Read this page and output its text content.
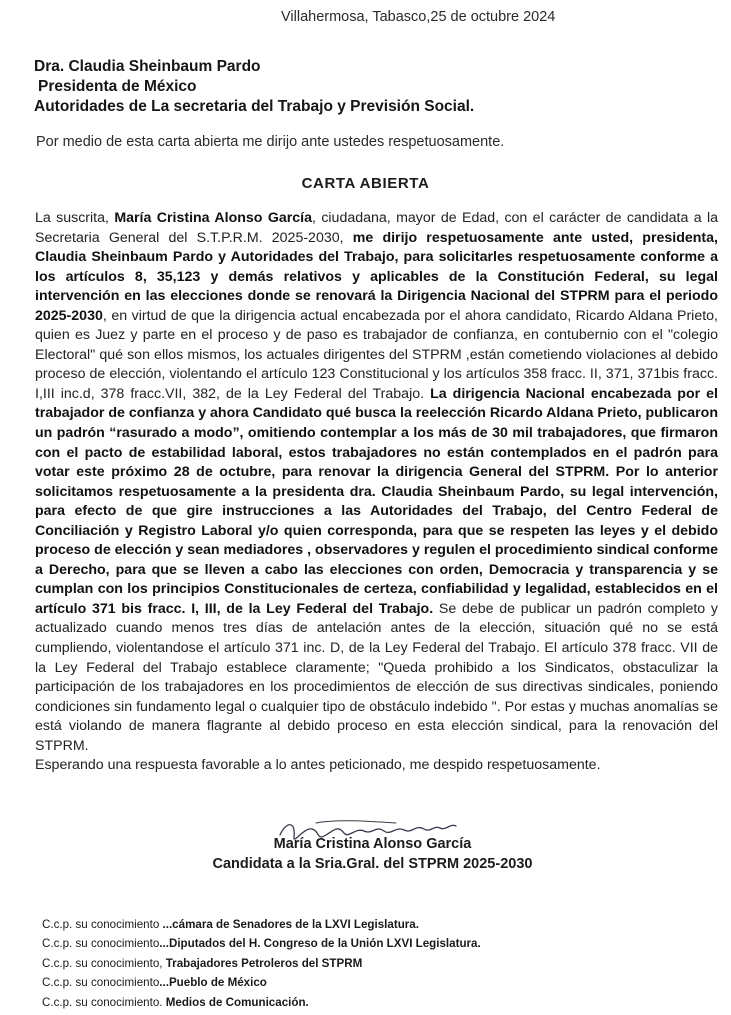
Villahermosa, Tabasco,25 de octubre 2024
Dra. Claudia Sheinbaum Pardo
Presidenta de México
Autoridades de La secretaria del Trabajo y Previsión Social.
Por medio de esta carta abierta me dirijo ante ustedes respetuosamente.
CARTA ABIERTA
La suscrita, María Cristina Alonso García, ciudadana, mayor de Edad, con el carácter de candidata a la Secretaria General del S.T.P.R.M. 2025-2030, me dirijo respetuosamente ante usted, presidenta, Claudia Sheinbaum Pardo y Autoridades del Trabajo, para solicitarles respetuosamente conforme a los artículos 8, 35,123 y demás relativos y aplicables de la Constitución Federal, su legal intervención en las elecciones donde se renovará la Dirigencia Nacional del STPRM para el periodo 2025-2030, en virtud de que la dirigencia actual encabezada por el ahora candidato, Ricardo Aldana Prieto, quien es Juez y parte en el proceso y de paso es trabajador de confianza, en contubernio con el "colegio Electoral" qué son ellos mismos, los actuales dirigentes del STPRM ,están cometiendo violaciones al debido proceso de elección, violentando el artículo 123 Constitucional y los artículos 358 fracc. II, 371, 371bis fracc. I,III inc.d, 378 fracc.VII, 382, de la Ley Federal del Trabajo. La dirigencia Nacional encabezada por el trabajador de confianza y ahora Candidato qué busca la reelección Ricardo Aldana Prieto, publicaron un padrón “rasurado a modo”, omitiendo contemplar a los más de 30 mil trabajadores, que firmaron con el pacto de estabilidad laboral, estos trabajadores no están contemplados en el padrón para votar este próximo 28 de octubre, para renovar la dirigencia General del STPRM. Por lo anterior solicitamos respetuosamente a la presidenta dra. Claudia Sheinbaum Pardo, su legal intervención, para efecto de que gire instrucciones a las Autoridades del Trabajo, del Centro Federal de Conciliación y Registro Laboral y/o quien corresponda, para que se respeten las leyes y el debido proceso de elección y sean mediadores , observadores y regulen el procedimiento sindical conforme a Derecho, para que se lleven a cabo las elecciones con orden, Democracia y transparencia y se cumplan con los principios Constitucionales de certeza, confiabilidad y legalidad, establecidos en el artículo 371 bis fracc. I, III, de la Ley Federal del Trabajo. Se debe de publicar un padrón completo y actualizado cuando menos tres días de antelación antes de la elección, situación qué no se está cumpliendo, violentandose el artículo 371 inc. D, de la Ley Federal del Trabajo. El artículo 378 fracc. VII de la Ley Federal del Trabajo establece claramente; "Queda prohibido a los Sindicatos, obstaculizar la participación de los trabajadores en los procedimientos de elección de sus directivas sindicales, poniendo condiciones sin fundamento legal o cualquier tipo de obstáculo indebido ". Por estas y muchas anomalías se está violando de manera flagrante al debido proceso en esta elección sindical, para la renovación del STPRM.
Esperando una respuesta favorable a lo antes peticionado, me despido respetuosamente.
María Cristina Alonso García
Candidata a la Sria.Gral. del STPRM 2025-2030
C.c.p. su conocimiento ...cámara de Senadores de la LXVI Legislatura.
C.c.p. su conocimiento...Diputados del H. Congreso de la Unión LXVI Legislatura.
C.c.p. su conocimiento, Trabajadores Petroleros del STPRM
C.c.p. su conocimiento...Pueblo de México
C.c.p. su conocimiento. Medios de Comunicación.
